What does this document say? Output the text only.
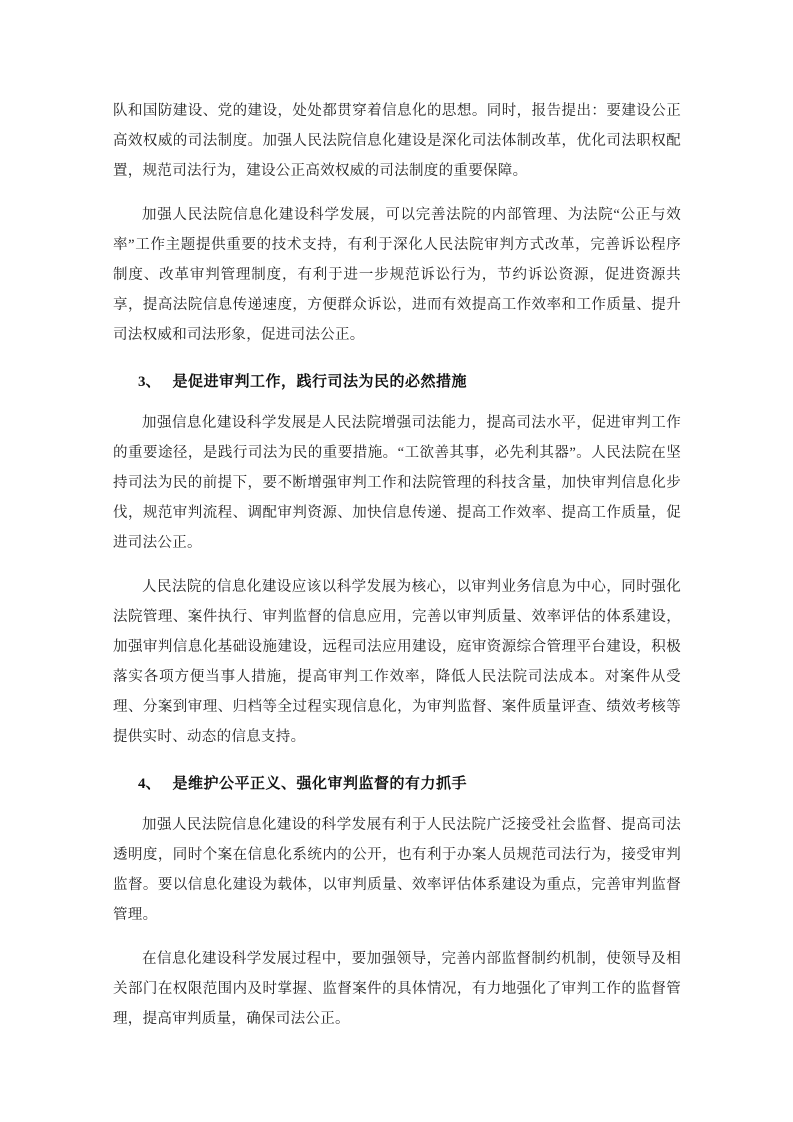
队和国防建设、党的建设，处处都贯穿着信息化的思想。同时，报告提出：要建设公正高效权威的司法制度。加强人民法院信息化建设是深化司法体制改革，优化司法职权配置，规范司法行为，建设公正高效权威的司法制度的重要保障。

加强人民法院信息化建设科学发展，可以完善法院的内部管理、为法院“公正与效率”工作主题提供重要的技术支持，有利于深化人民法院审判方式改革，完善诉讼程序制度、改革审判管理制度，有利于进一步规范诉讼行为，节约诉讼资源，促进资源共享，提高法院信息传递速度，方便群众诉讼，进而有效提高工作效率和工作质量、提升司法权威和司法形象，促进司法公正。

3、 是促进审判工作，践行司法为民的必然措施

加强信息化建设科学发展是人民法院增强司法能力，提高司法水平，促进审判工作的重要途径，是践行司法为民的重要措施。“工欲善其事，必先利其器”。人民法院在坚持司法为民的前提下，要不断增强审判工作和法院管理的科技含量，加快审判信息化步伐，规范审判流程、调配审判资源、加快信息传递、提高工作效率、提高工作质量，促进司法公正。

人民法院的信息化建设应该以科学发展为核心，以审判业务信息为中心，同时强化法院管理、案件执行、审判监督的信息应用，完善以审判质量、效率评估的体系建设，加强审判信息化基础设施建设，远程司法应用建设，庭审资源综合管理平台建设，积极落实各项方便当事人措施，提高审判工作效率，降低人民法院司法成本。对案件从受理、分案到审理、归档等全过程实现信息化，为审判监督、案件质量评查、绩效考核等提供实时、动态的信息支持。

4、 是维护公平正义、强化审判监督的有力抓手

加强人民法院信息化建设的科学发展有利于人民法院广泛接受社会监督、提高司法透明度，同时个案在信息化系统内的公开，也有利于办案人员规范司法行为，接受审判监督。要以信息化建设为载体，以审判质量、效率评估体系建设为重点，完善审判监督管理。

在信息化建设科学发展过程中，要加强领导，完善内部监督制约机制，使领导及相关部门在权限范围内及时掌握、监督案件的具体情况，有力地强化了审判工作的监督管理，提高审判质量，确保司法公正。
